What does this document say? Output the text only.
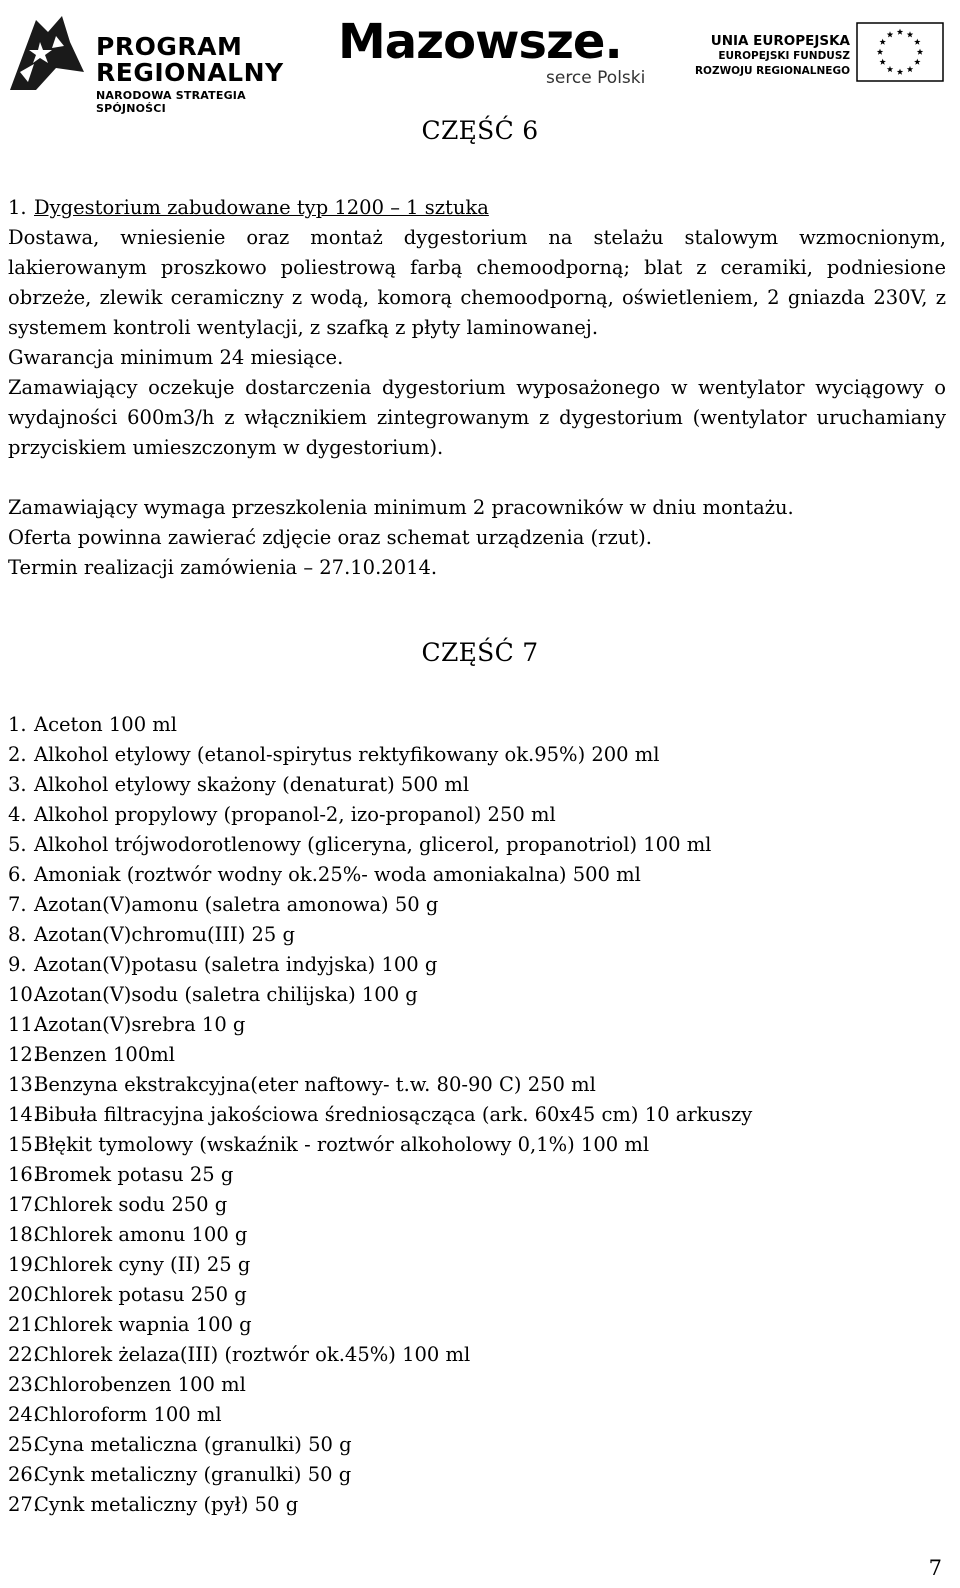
PROGRAM
REGIONALNY
NARODOWA STRATEGIA SPÓJNOŚCI
Mazowsze.
serce Polski
UNIA EUROPEJSKA
EUROPEJSKI FUNDUSZ
ROZWOJU REGIONALNEGO
CZĘŚĆ 6
1. Dygestorium zabudowane typ 1200 – 1 sztuka
Dostawa, wniesienie oraz montaż dygestorium na stelażu stalowym wzmocnionym, lakierowanym proszkowo poliestrową farbą chemoodporną; blat z ceramiki, podniesione obrzeże, zlewik ceramiczny z wodą, komorą chemoodporną, oświetleniem, 2 gniazda 230V, z systemem kontroli wentylacji, z szafką z płyty laminowanej.
Gwarancja minimum 24 miesiące.
Zamawiający oczekuje dostarczenia dygestorium wyposażonego w wentylator wyciągowy o wydajności 600m3/h z włącznikiem zintegrowanym z dygestorium (wentylator uruchamiany przyciskiem umieszczonym w dygestorium).
Zamawiający wymaga przeszkolenia minimum 2 pracowników w dniu montażu.
Oferta powinna zawierać zdjęcie oraz schemat urządzenia (rzut).
Termin realizacji zamówienia – 27.10.2014.
CZĘŚĆ 7
1. Aceton 100 ml
2. Alkohol etylowy (etanol-spirytus rektyfikowany ok.95%) 200 ml
3. Alkohol etylowy skażony (denaturat) 500 ml
4. Alkohol propylowy (propanol-2, izo-propanol) 250 ml
5. Alkohol trójwodorotlenowy (gliceryna, glicerol, propanotriol) 100 ml
6. Amoniak (roztwór wodny ok.25%- woda amoniakalna) 500 ml
7. Azotan(V)amonu (saletra amonowa) 50 g
8. Azotan(V)chromu(III) 25 g
9. Azotan(V)potasu (saletra indyjska) 100 g
10.Azotan(V)sodu (saletra chilijska) 100 g
11.Azotan(V)srebra 10 g
12.Benzen 100ml
13.Benzyna ekstrakcyjna(eter naftowy- t.w. 80-90 C) 250 ml
14.Bibuła filtracyjna jakościowa średniosącząca (ark. 60x45 cm) 10 arkuszy
15.Błękit tymolowy (wskaźnik - roztwór alkoholowy 0,1%) 100 ml
16.Bromek potasu 25 g
17.Chlorek sodu 250 g
18.Chlorek amonu 100 g
19.Chlorek cyny (II) 25 g
20.Chlorek potasu 250 g
21.Chlorek wapnia 100 g
22.Chlorek żelaza(III) (roztwór ok.45%) 100 ml
23.Chlorobenzen 100 ml
24.Chloroform 100 ml
25.Cyna metaliczna (granulki) 50 g
26.Cynk metaliczny (granulki) 50 g
27.Cynk metaliczny (pył) 50 g
7
